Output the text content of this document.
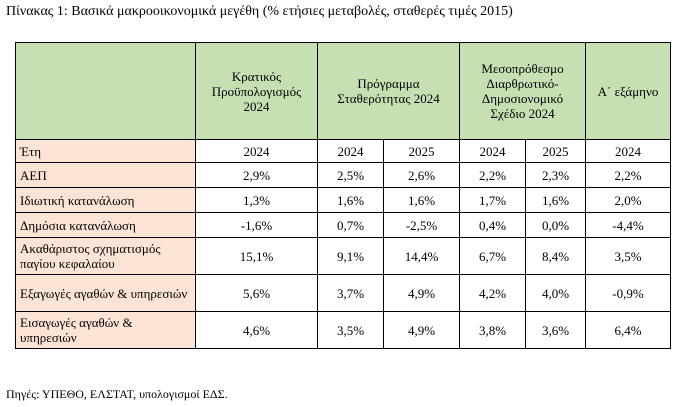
Πίνακας 1: Βασικά μακροοικονομικά μεγέθη (% ετήσιες μεταβολές, σταθερές τιμές 2015)
	Κρατικός Προϋπολογισμός 2024	Πρόγραμμα Σταθερότητας 2024		Μεσοπρόθεσμο Διαρθρωτικό-Δημοσιονομικό Σχέδιο 2024		Α΄ εξάμηνο
Έτη	2024	2024	2025	2024	2025	2024
ΑΕΠ	2,9%	2,5%	2,6%	2,2%	2,3%	2,2%
Ιδιωτική κατανάλωση	1,3%	1,6%	1,6%	1,7%	1,6%	2,0%
Δημόσια κατανάλωση	-1,6%	0,7%	-2,5%	0,4%	0,0%	-4,4%
Ακαθάριστος σχηματισμός παγίου κεφαλαίου	15,1%	9,1%	14,4%	6,7%	8,4%	3,5%
Εξαγωγές αγαθών & υπηρεσιών	5,6%	3,7%	4,9%	4,2%	4,0%	-0,9%
Εισαγωγές αγαθών & υπηρεσιών	4,6%	3,5%	4,9%	3,8%	3,6%	6,4%
Πηγές: ΥΠΕΘΟ, ΕΛΣΤΑΤ, υπολογισμοί ΕΔΣ.
